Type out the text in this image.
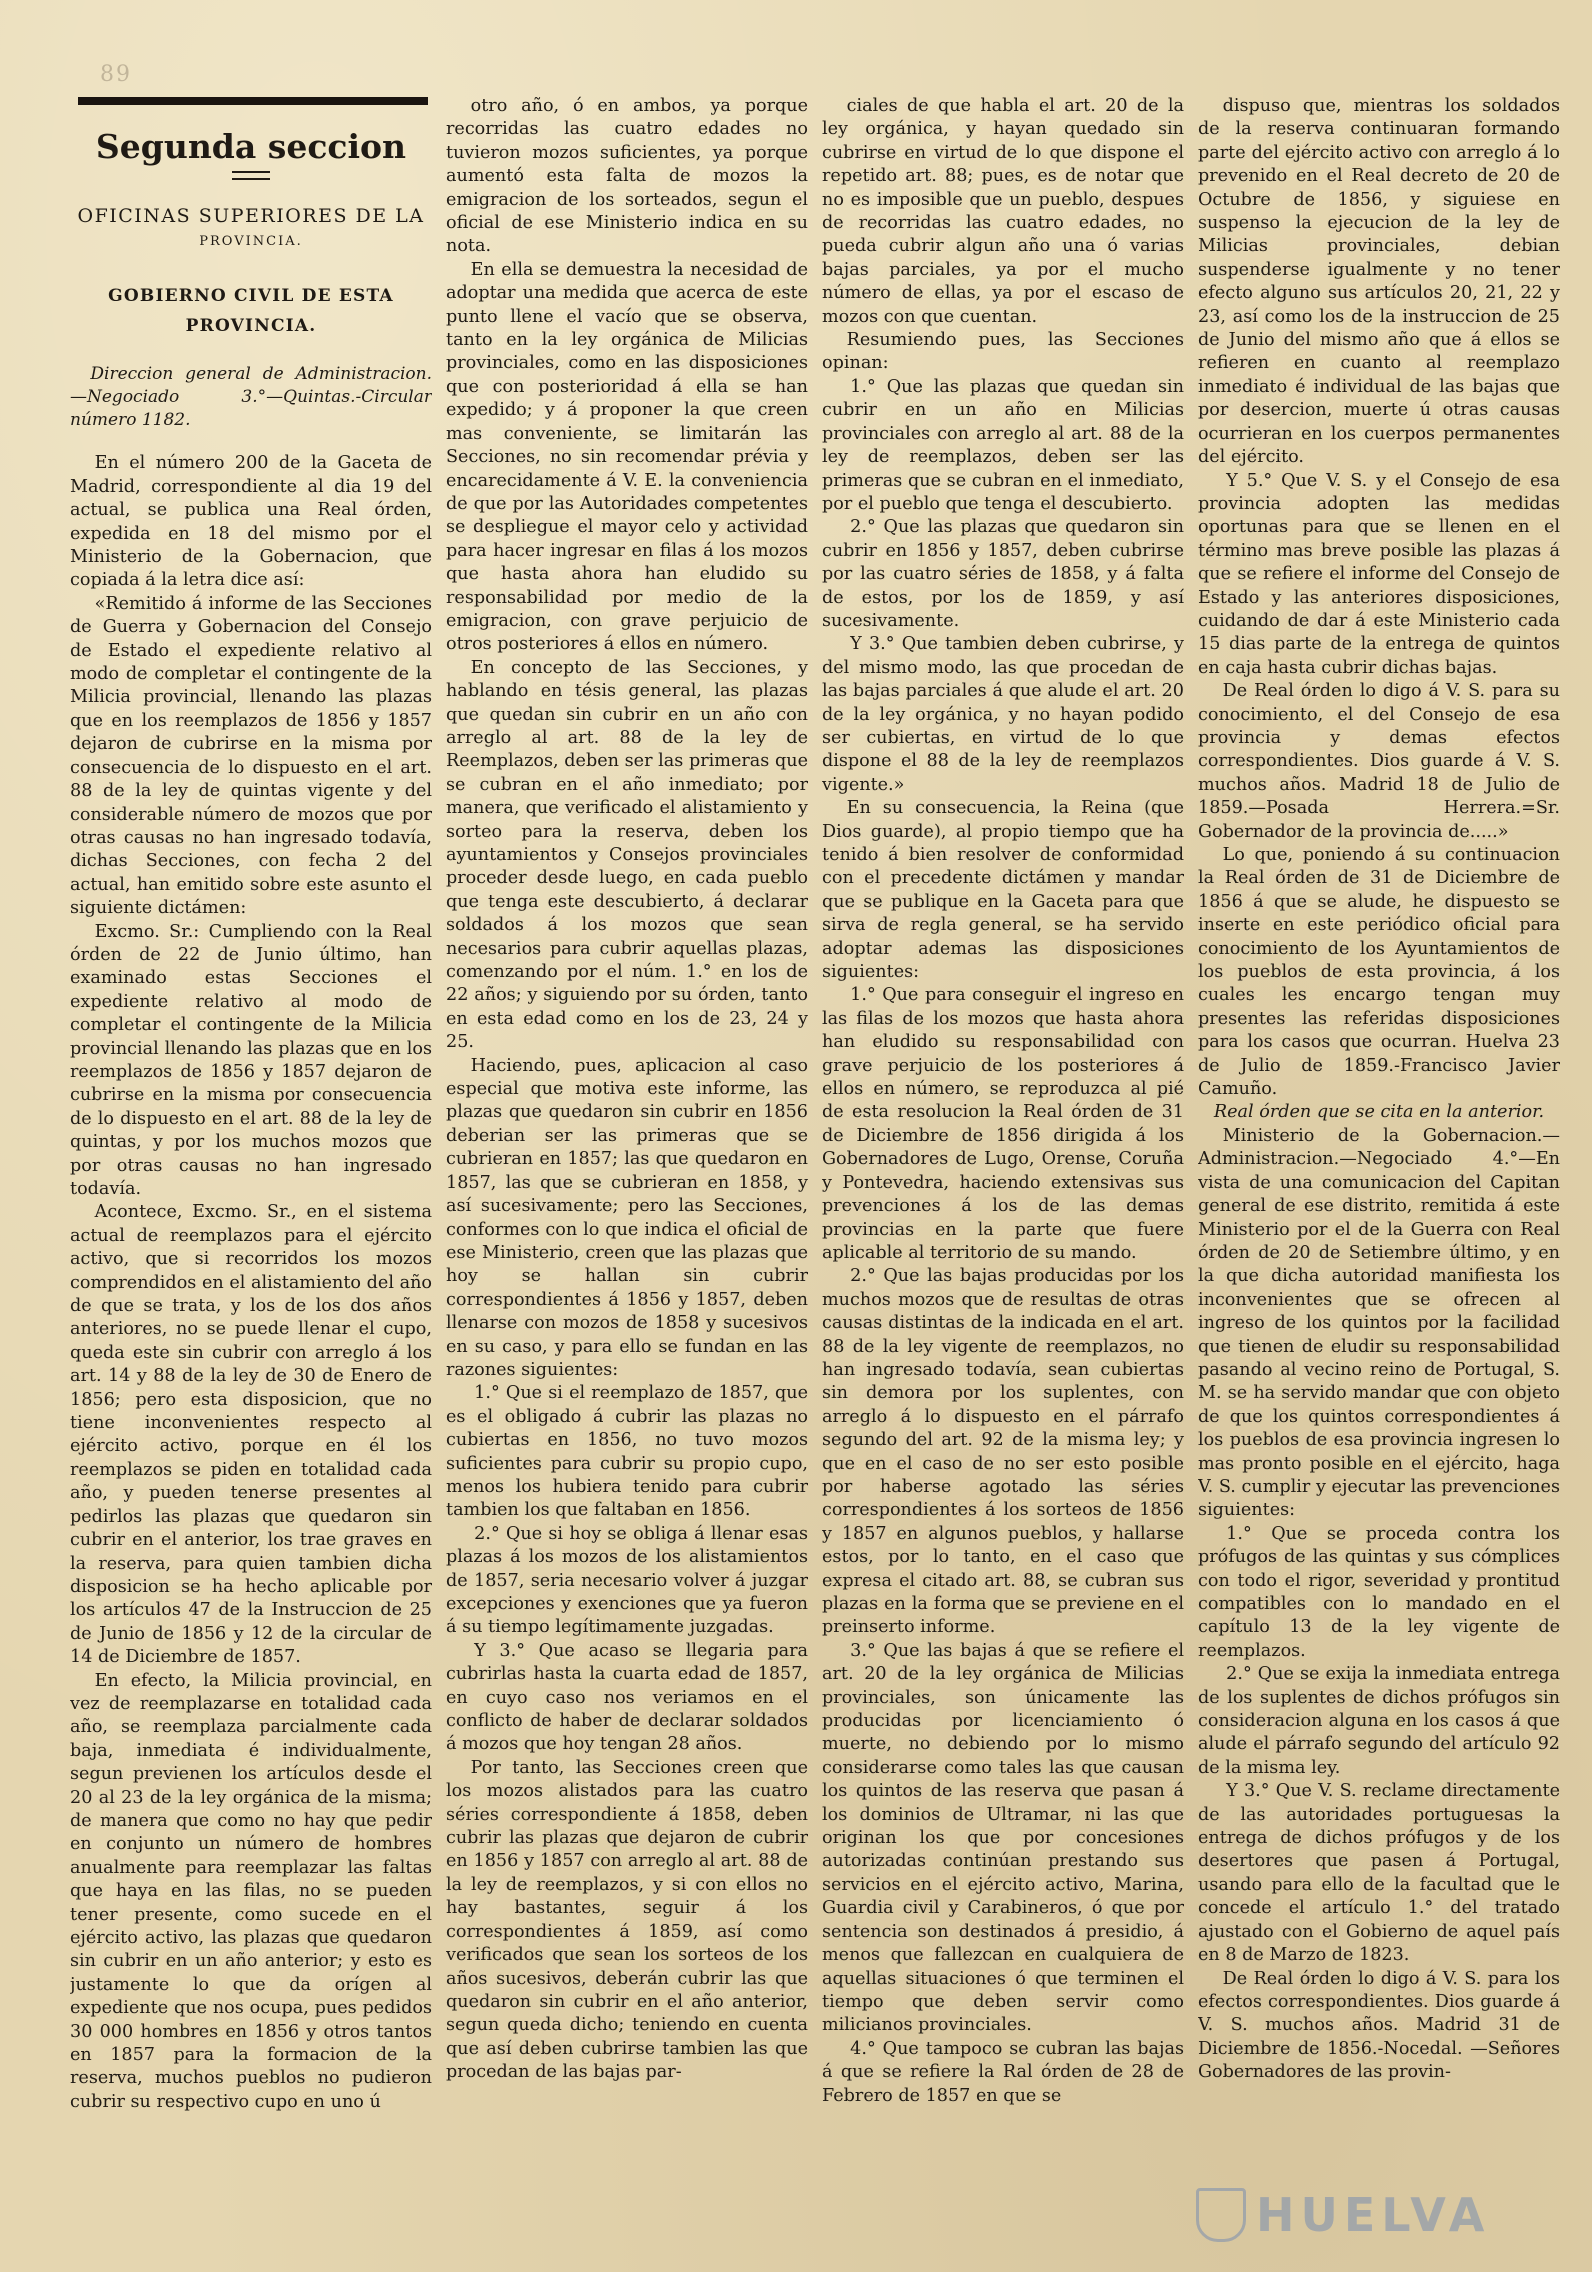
89
Segunda seccion
OFICINAS SUPERIORES DE LA
PROVINCIA.
GOBIERNO CIVIL DE ESTA PROVINCIA.
Direccion general de Administracion. —Negociado 3.°—Quintas.-Circular número 1182.

En el número 200 de la Gaceta de Madrid, correspondiente al dia 19 del actual, se publica una Real órden, expedida en 18 del mismo por el Ministerio de la Gobernacion, que copiada á la letra dice así:

«Remitido á informe de las Secciones de Guerra y Gobernacion del Consejo de Estado el expediente relativo al modo de completar el contingente de la Milicia provincial, llenando las plazas que en los reemplazos de 1856 y 1857 dejaron de cubrirse en la misma por consecuencia de lo dispuesto en el art. 88 de la ley de quintas vigente y del considerable número de mozos que por otras causas no han ingresado todavía, dichas Secciones, con fecha 2 del actual, han emitido sobre este asunto el siguiente dictámen:

Excmo. Sr.: Cumpliendo con la Real órden de 22 de Junio último, han examinado estas Secciones el expediente relativo al modo de completar el contingente de la Milicia provincial llenando las plazas que en los reemplazos de 1856 y 1857 dejaron de cubrirse en la misma por consecuencia de lo dispuesto en el art. 88 de la ley de quintas, y por los muchos mozos que por otras causas no han ingresado todavía.

Acontece, Excmo. Sr., en el sistema actual de reemplazos para el ejército activo, que si recorridos los mozos comprendidos en el alistamiento del año de que se trata, y los de los dos años anteriores, no se puede llenar el cupo, queda este sin cubrir con arreglo á los art. 14 y 88 de la ley de 30 de Enero de 1856; pero esta disposicion, que no tiene inconvenientes respecto al ejército activo, porque en él los reemplazos se piden en totalidad cada año, y pueden tenerse presentes al pedirlos las plazas que quedaron sin cubrir en el anterior, los trae graves en la reserva, para quien tambien dicha disposicion se ha hecho aplicable por los artículos 47 de la Instruccion de 25 de Junio de 1856 y 12 de la circular de 14 de Diciembre de 1857.

En efecto, la Milicia provincial, en vez de reemplazarse en totalidad cada año, se reemplaza parcialmente cada baja, inmediata é individualmente, segun previenen los artículos desde el 20 al 23 de la ley orgánica de la misma; de manera que como no hay que pedir en conjunto un número de hombres anualmente para reemplazar las faltas que haya en las filas, no se pueden tener presente, como sucede en el ejército activo, las plazas que quedaron sin cubrir en un año anterior; y esto es justamente lo que da orígen al expediente que nos ocupa, pues pedidos 30 000 hombres en 1856 y otros tantos en 1857 para la formacion de la reserva, muchos pueblos no pudieron cubrir su respectivo cupo en uno ú

otro año, ó en ambos, ya porque recorridas las cuatro edades no tuvieron mozos suficientes, ya porque aumentó esta falta de mozos la emigracion de los sorteados, segun el oficial de ese Ministerio indica en su nota.

En ella se demuestra la necesidad de adoptar una medida que acerca de este punto llene el vacío que se observa, tanto en la ley orgánica de Milicias provinciales, como en las disposiciones que con posterioridad á ella se han expedido; y á proponer la que creen mas conveniente, se limitarán las Secciones, no sin recomendar prévia y encarecidamente á V. E. la conveniencia de que por las Autoridades competentes se despliegue el mayor celo y actividad para hacer ingresar en filas á los mozos que hasta ahora han eludido su responsabilidad por medio de la emigracion, con grave perjuicio de otros posteriores á ellos en número.

En concepto de las Secciones, y hablando en tésis general, las plazas que quedan sin cubrir en un año con arreglo al art. 88 de la ley de Reemplazos, deben ser las primeras que se cubran en el año inmediato; por manera, que verificado el alistamiento y sorteo para la reserva, deben los ayuntamientos y Consejos provinciales proceder desde luego, en cada pueblo que tenga este descubierto, á declarar soldados á los mozos que sean necesarios para cubrir aquellas plazas, comenzando por el núm. 1.° en los de 22 años; y siguiendo por su órden, tanto en esta edad como en los de 23, 24 y 25.

Haciendo, pues, aplicacion al caso especial que motiva este informe, las plazas que quedaron sin cubrir en 1856 deberian ser las primeras que se cubrieran en 1857; las que quedaron en 1857, las que se cubrieran en 1858, y así sucesivamente; pero las Secciones, conformes con lo que indica el oficial de ese Ministerio, creen que las plazas que hoy se hallan sin cubrir correspondientes á 1856 y 1857, deben llenarse con mozos de 1858 y sucesivos en su caso, y para ello se fundan en las razones siguientes:

1.° Que si el reemplazo de 1857, que es el obligado á cubrir las plazas no cubiertas en 1856, no tuvo mozos suficientes para cubrir su propio cupo, menos los hubiera tenido para cubrir tambien los que faltaban en 1856.

2.° Que si hoy se obliga á llenar esas plazas á los mozos de los alistamientos de 1857, seria necesario volver á juzgar excepciones y exenciones que ya fueron á su tiempo legítimamente juzgadas.

Y 3.° Que acaso se llegaria para cubrirlas hasta la cuarta edad de 1857, en cuyo caso nos veriamos en el conflicto de haber de declarar soldados á mozos que hoy tengan 28 años.

Por tanto, las Secciones creen que los mozos alistados para las cuatro séries correspondiente á 1858, deben cubrir las plazas que dejaron de cubrir en 1856 y 1857 con arreglo al art. 88 de la ley de reemplazos, y si con ellos no hay bastantes, seguir á los correspondientes á 1859, así como verificados que sean los sorteos de los años sucesivos, deberán cubrir las que quedaron sin cubrir en el año anterior, segun queda dicho; teniendo en cuenta que así deben cubrirse tambien las que procedan de las bajas par-

ciales de que habla el art. 20 de la ley orgánica, y hayan quedado sin cubrirse en virtud de lo que dispone el repetido art. 88; pues, es de notar que no es imposible que un pueblo, despues de recorridas las cuatro edades, no pueda cubrir algun año una ó varias bajas parciales, ya por el mucho número de ellas, ya por el escaso de mozos con que cuentan.

Resumiendo pues, las Secciones opinan:

1.° Que las plazas que quedan sin cubrir en un año en Milicias provinciales con arreglo al art. 88 de la ley de reemplazos, deben ser las primeras que se cubran en el inmediato, por el pueblo que tenga el descubierto.

2.° Que las plazas que quedaron sin cubrir en 1856 y 1857, deben cubrirse por las cuatro séries de 1858, y á falta de estos, por los de 1859, y así sucesivamente.

Y 3.° Que tambien deben cubrirse, y del mismo modo, las que procedan de las bajas parciales á que alude el art. 20 de la ley orgánica, y no hayan podido ser cubiertas, en virtud de lo que dispone el 88 de la ley de reemplazos vigente.»

En su consecuencia, la Reina (que Dios guarde), al propio tiempo que ha tenido á bien resolver de conformidad con el precedente dictámen y mandar que se publique en la Gaceta para que sirva de regla general, se ha servido adoptar ademas las disposiciones siguientes:

1.° Que para conseguir el ingreso en las filas de los mozos que hasta ahora han eludido su responsabilidad con grave perjuicio de los posteriores á ellos en número, se reproduzca al pié de esta resolucion la Real órden de 31 de Diciembre de 1856 dirigida á los Gobernadores de Lugo, Orense, Coruña y Pontevedra, haciendo extensivas sus prevenciones á los de las demas provincias en la parte que fuere aplicable al territorio de su mando.

2.° Que las bajas producidas por los muchos mozos que de resultas de otras causas distintas de la indicada en el art. 88 de la ley vigente de reemplazos, no han ingresado todavía, sean cubiertas sin demora por los suplentes, con arreglo á lo dispuesto en el párrafo segundo del art. 92 de la misma ley; y que en el caso de no ser esto posible por haberse agotado las séries correspondientes á los sorteos de 1856 y 1857 en algunos pueblos, y hallarse estos, por lo tanto, en el caso que expresa el citado art. 88, se cubran sus plazas en la forma que se previene en el preinserto informe.

3.° Que las bajas á que se refiere el art. 20 de la ley orgánica de Milicias provinciales, son únicamente las producidas por licenciamiento ó muerte, no debiendo por lo mismo considerarse como tales las que causan los quintos de las reserva que pasan á los dominios de Ultramar, ni las que originan los que por concesiones autorizadas continúan prestando sus servicios en el ejército activo, Marina, Guardia civil y Carabineros, ó que por sentencia son destinados á presidio, á menos que fallezcan en cualquiera de aquellas situaciones ó que terminen el tiempo que deben servir como milicianos provinciales.

4.° Que tampoco se cubran las bajas á que se refiere la Ral órden de 28 de Febrero de 1857 en que se

dispuso que, mientras los soldados de la reserva continuaran formando parte del ejército activo con arreglo á lo prevenido en el Real decreto de 20 de Octubre de 1856, y siguiese en suspenso la ejecucion de la ley de Milicias provinciales, debian suspenderse igualmente y no tener efecto alguno sus artículos 20, 21, 22 y 23, así como los de la instruccion de 25 de Junio del mismo año que á ellos se refieren en cuanto al reemplazo inmediato é individual de las bajas que por desercion, muerte ú otras causas ocurrieran en los cuerpos permanentes del ejército.

Y 5.° Que V. S. y el Consejo de esa provincia adopten las medidas oportunas para que se llenen en el término mas breve posible las plazas á que se refiere el informe del Consejo de Estado y las anteriores disposiciones, cuidando de dar á este Ministerio cada 15 dias parte de la entrega de quintos en caja hasta cubrir dichas bajas.

De Real órden lo digo á V. S. para su conocimiento, el del Consejo de esa provincia y demas efectos correspondientes. Dios guarde á V. S. muchos años. Madrid 18 de Julio de 1859.—Posada Herrera.=Sr. Gobernador de la provincia de.....»

Lo que, poniendo á su continuacion la Real órden de 31 de Diciembre de 1856 á que se alude, he dispuesto se inserte en este periódico oficial para conocimiento de los Ayuntamientos de los pueblos de esta provincia, á los cuales les encargo tengan muy presentes las referidas disposiciones para los casos que ocurran. Huelva 23 de Julio de 1859.-Francisco Javier Camuño.

Real órden que se cita en la anterior.

Ministerio de la Gobernacion.—Administracion.—Negociado 4.°—En vista de una comunicacion del Capitan general de ese distrito, remitida á este Ministerio por el de la Guerra con Real órden de 20 de Setiembre último, y en la que dicha autoridad manifiesta los inconvenientes que se ofrecen al ingreso de los quintos por la facilidad que tienen de eludir su responsabilidad pasando al vecino reino de Portugal, S. M. se ha servido mandar que con objeto de que los quintos correspondientes á los pueblos de esa provincia ingresen lo mas pronto posible en el ejército, haga V. S. cumplir y ejecutar las prevenciones siguientes:

1.° Que se proceda contra los prófugos de las quintas y sus cómplices con todo el rigor, severidad y prontitud compatibles con lo mandado en el capítulo 13 de la ley vigente de reemplazos.

2.° Que se exija la inmediata entrega de los suplentes de dichos prófugos sin consideracion alguna en los casos á que alude el párrafo segundo del artículo 92 de la misma ley.

Y 3.° Que V. S. reclame directamente de las autoridades portuguesas la entrega de dichos prófugos y de los desertores que pasen á Portugal, usando para ello de la facultad que le concede el artículo 1.° del tratado ajustado con el Gobierno de aquel país en 8 de Marzo de 1823.

De Real órden lo digo á V. S. para los efectos correspondientes. Dios guarde á V. S. muchos años. Madrid 31 de Diciembre de 1856.-Nocedal. —Señores Gobernadores de las provin-

HUELVA
